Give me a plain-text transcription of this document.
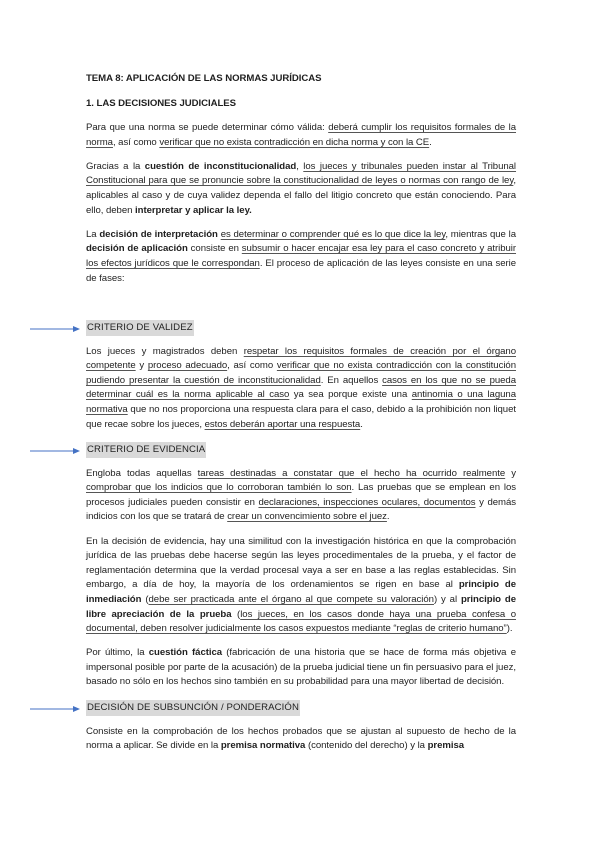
TEMA 8: APLICACIÓN DE LAS NORMAS JURÍDICAS

1. LAS DECISIONES JUDICIALES

Para que una norma se puede determinar cómo válida: deberá cumplir los requisitos formales de la norma, así como verificar que no exista contradicción en dicha norma y con la CE.

Gracias a la cuestión de inconstitucionalidad, los jueces y tribunales pueden instar al Tribunal Constitucional para que se pronuncie sobre la constitucionalidad de leyes o normas con rango de ley, aplicables al caso y de cuya validez dependa el fallo del litigio concreto que están conociendo. Para ello, deben interpretar y aplicar la ley.

La decisión de interpretación es determinar o comprender qué es lo que dice la ley, mientras que la decisión de aplicación consiste en subsumir o hacer encajar esa ley para el caso concreto y atribuir los efectos jurídicos que le correspondan. El proceso de aplicación de las leyes consiste en una serie de fases:

CRITERIO DE VALIDEZ

Los jueces y magistrados deben respetar los requisitos formales de creación por el órgano competente y proceso adecuado, así como verificar que no exista contradicción con la constitución pudiendo presentar la cuestión de inconstitucionalidad. En aquellos casos en los que no se pueda determinar cuál es la norma aplicable al caso ya sea porque existe una antinomia o una laguna normativa que no nos proporciona una respuesta clara para el caso, debido a la prohibición non liquet que recae sobre los jueces, estos deberán aportar una respuesta.

CRITERIO DE EVIDENCIA

Engloba todas aquellas tareas destinadas a constatar que el hecho ha ocurrido realmente y comprobar que los indicios que lo corroboran también lo son. Las pruebas que se emplean en los procesos judiciales pueden consistir en declaraciones, inspecciones oculares, documentos y demás indicios con los que se tratará de crear un convencimiento sobre el juez.

En la decisión de evidencia, hay una similitud con la investigación histórica en que la comprobación jurídica de las pruebas debe hacerse según las leyes procedimentales de la prueba, y el factor de reglamentación determina que la verdad procesal vaya a ser en base a las reglas establecidas. Sin embargo, a día de hoy, la mayoría de los ordenamientos se rigen en base al principio de inmediación (debe ser practicada ante el órgano al que compete su valoración) y al principio de libre apreciación de la prueba (los jueces, en los casos donde haya una prueba confesa o documental, deben resolver judicialmente los casos expuestos mediante “reglas de criterio humano”).

Por último, la cuestión fáctica (fabricación de una historia que se hace de forma más objetiva e impersonal posible por parte de la acusación) de la prueba judicial tiene un fin persuasivo para el juez, basado no sólo en los hechos sino también en su probabilidad para una mayor libertad de decisión.

DECISIÓN DE SUBSUNCIÓN / PONDERACIÓN

Consiste en la comprobación de los hechos probados que se ajustan al supuesto de hecho de la norma a aplicar. Se divide en la premisa normativa (contenido del derecho) y la premisa
